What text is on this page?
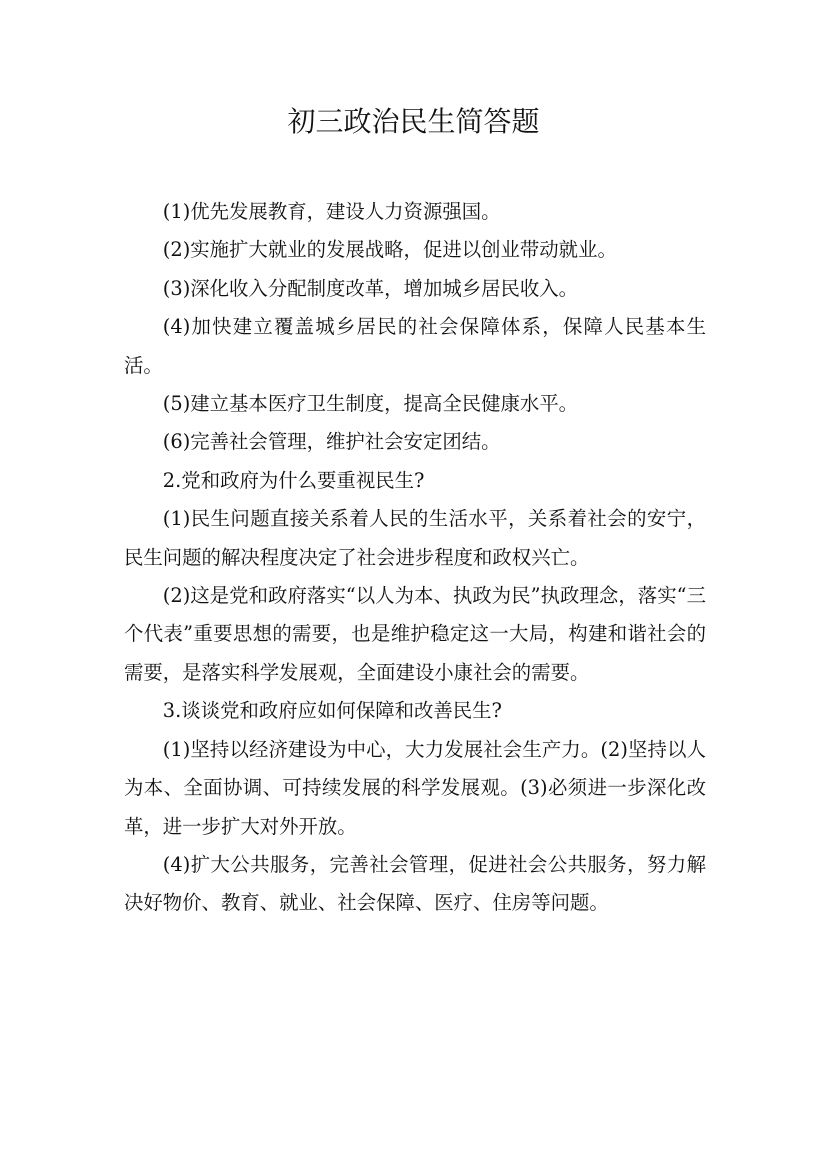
初三政治民生简答题

(1)优先发展教育，建设人力资源强国。

(2)实施扩大就业的发展战略，促进以创业带动就业。

(3)深化收入分配制度改革，增加城乡居民收入。

(4)加快建立覆盖城乡居民的社会保障体系，保障人民基本生活。

(5)建立基本医疗卫生制度，提高全民健康水平。

(6)完善社会管理，维护社会安定团结。

2.党和政府为什么要重视民生?

(1)民生问题直接关系着人民的生活水平，关系着社会的安宁，民生问题的解决程度决定了社会进步程度和政权兴亡。

(2)这是党和政府落实“以人为本、执政为民”执政理念，落实“三个代表”重要思想的需要，也是维护稳定这一大局，构建和谐社会的需要，是落实科学发展观，全面建设小康社会的需要。

3.谈谈党和政府应如何保障和改善民生?

(1)坚持以经济建设为中心，大力发展社会生产力。(2)坚持以人为本、全面协调、可持续发展的科学发展观。(3)必须进一步深化改革，进一步扩大对外开放。

(4)扩大公共服务，完善社会管理，促进社会公共服务，努力解决好物价、教育、就业、社会保障、医疗、住房等问题。
